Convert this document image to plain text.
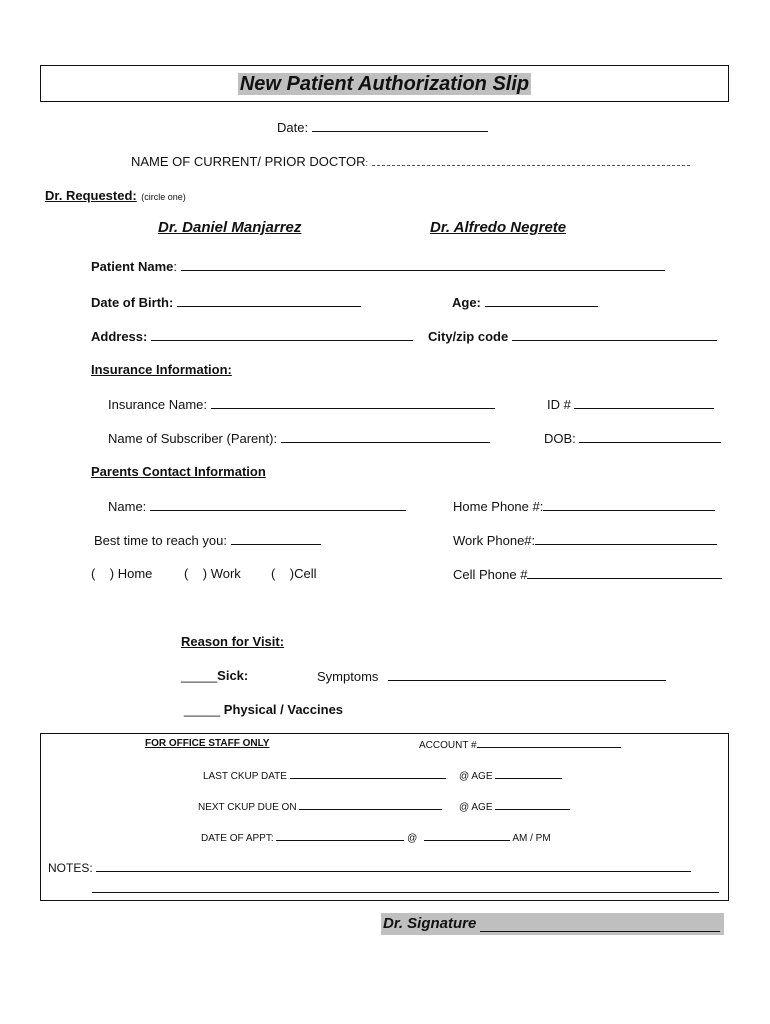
New Patient Authorization Slip
Date:
NAME OF CURRENT/ PRIOR DOCTOR:
Dr. Requested: (circle one)
Dr. Daniel Manjarrez	Dr. Alfredo Negrete
Patient Name:
Date of Birth:	Age:
Address:	City/zip code
Insurance Information:
Insurance Name:	ID #
Name of Subscriber (Parent):	DOB:
Parents Contact Information
Name:	Home Phone #:
Best time to reach you:	Work Phone#:
(    ) Home (    ) Work (    )Cell	Cell Phone #
Reason for Visit:
_____Sick:	Symptoms
_____ Physical / Vaccines
FOR OFFICE STAFF ONLY	ACCOUNT #
LAST CKUP DATE	@ AGE
NEXT CKUP DUE ON	@ AGE
DATE OF APPT:	@	AM / PM
NOTES:
Dr. Signature
